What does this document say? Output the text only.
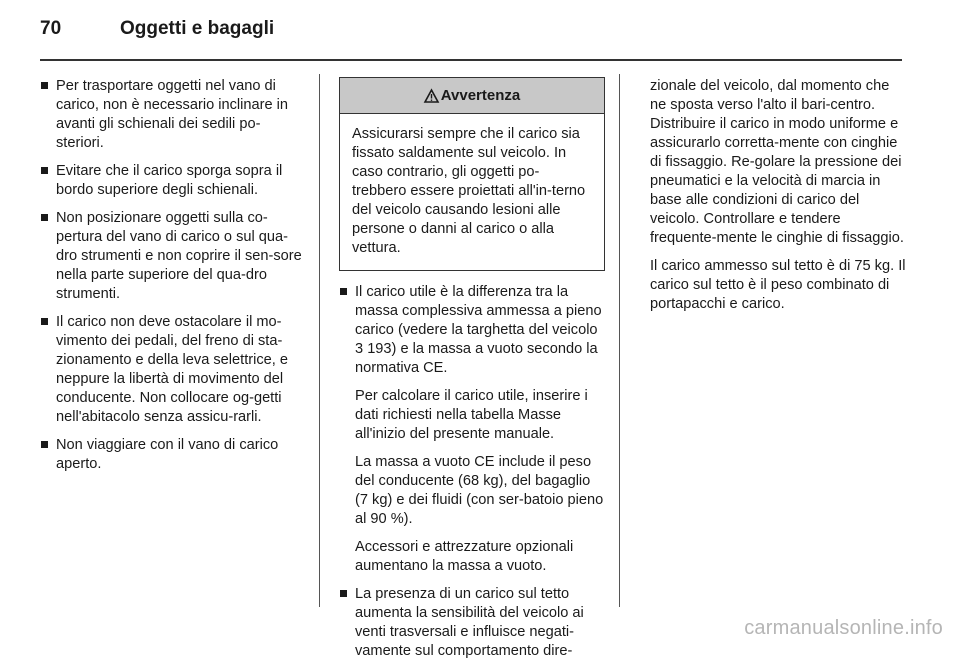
70	Oggetti e bagagli
Per trasportare oggetti nel vano di carico, non è necessario inclinare in avanti gli schienali dei sedili po-steriori.
Evitare che il carico sporga sopra il bordo superiore degli schienali.
Non posizionare oggetti sulla co-pertura del vano di carico o sul qua-dro strumenti e non coprire il sen-sore nella parte superiore del qua-dro strumenti.
Il carico non deve ostacolare il mo-vimento dei pedali, del freno di sta-zionamento e della leva selettrice, e neppure la libertà di movimento del conducente. Non collocare og-getti nell'abitacolo senza assicu-rarli.
Non viaggiare con il vano di carico aperto.
Avvertenza
Assicurarsi sempre che il carico sia fissato saldamente sul veicolo. In caso contrario, gli oggetti po-trebbero essere proiettati all'in-terno del veicolo causando lesioni alle persone o danni al carico o alla vettura.
Il carico utile è la differenza tra la massa complessiva ammessa a pieno carico (vedere la targhetta del veicolo 3 193) e la massa a vuoto secondo la normativa CE.
Per calcolare il carico utile, inserire i dati richiesti nella tabella Masse all'inizio del presente manuale.
La massa a vuoto CE include il peso del conducente (68 kg), del bagaglio (7 kg) e dei fluidi (con ser-batoio pieno al 90 %).
Accessori e attrezzature opzionali aumentano la massa a vuoto.
La presenza di un carico sul tetto aumenta la sensibilità del veicolo ai venti trasversali e influisce negati-vamente sul comportamento dire-
zionale del veicolo, dal momento che ne sposta verso l'alto il bari-centro. Distribuire il carico in modo uniforme e assicurarlo corretta-mente con cinghie di fissaggio. Re-golare la pressione dei pneumatici e la velocità di marcia in base alle condizioni di carico del veicolo. Controllare e tendere frequente-mente le cinghie di fissaggio.
Il carico ammesso sul tetto è di 75 kg. Il carico sul tetto è il peso combinato di portapacchi e carico.
carmanualsonline.info
